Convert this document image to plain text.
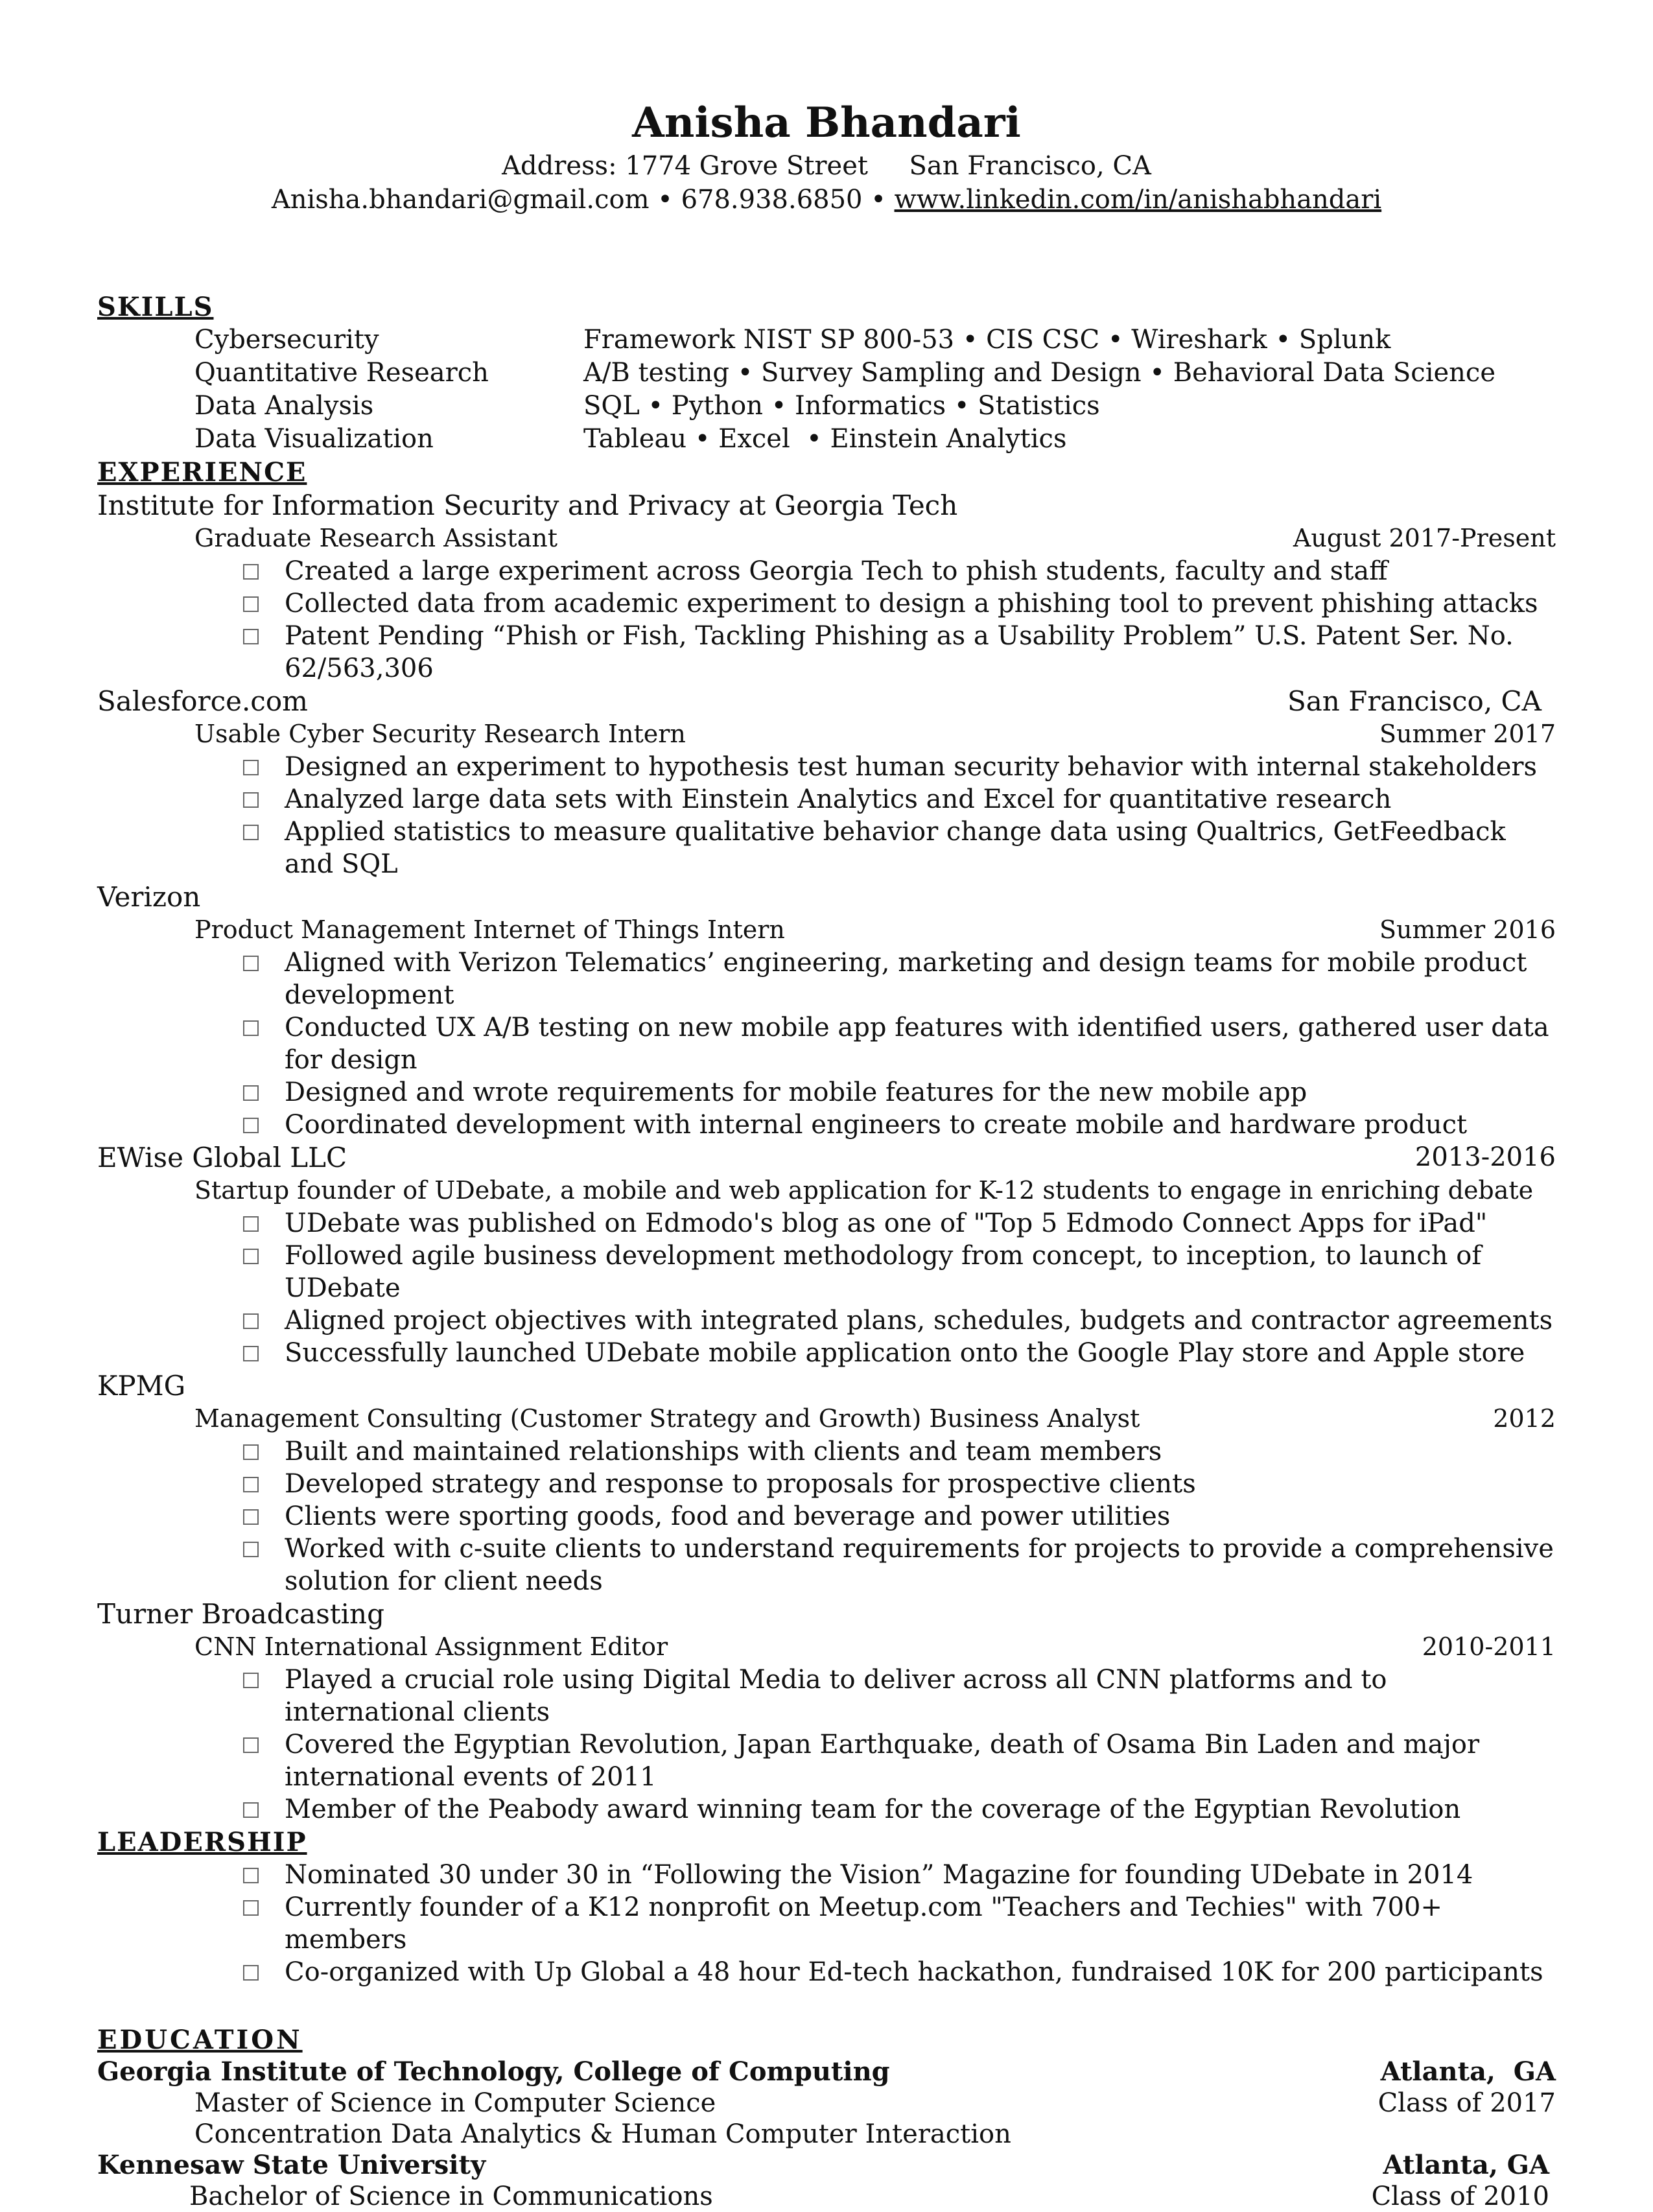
Anisha Bhandari
Address: 1774 Grove Street     San Francisco, CA
Anisha.bhandari@gmail.com • 678.938.6850 • www.linkedin.com/in/anishabhandari
SKILLS
Cybersecurity	Framework NIST SP 800-53 • CIS CSC • Wireshark • Splunk
Quantitative Research	A/B testing • Survey Sampling and Design • Behavioral Data Science
Data Analysis	SQL • Python • Informatics • Statistics
Data Visualization	Tableau • Excel  • Einstein Analytics
EXPERIENCE
Institute for Information Security and Privacy at Georgia Tech
Graduate Research Assistant	August 2017-Present
Created a large experiment across Georgia Tech to phish students, faculty and staff
Collected data from academic experiment to design a phishing tool to prevent phishing attacks
Patent Pending “Phish or Fish, Tackling Phishing as a Usability Problem” U.S. Patent Ser. No. 62/563,306
Salesforce.com	San Francisco, CA
Usable Cyber Security Research Intern	Summer 2017
Designed an experiment to hypothesis test human security behavior with internal stakeholders
Analyzed large data sets with Einstein Analytics and Excel for quantitative research
Applied statistics to measure qualitative behavior change data using Qualtrics, GetFeedback and SQL
Verizon
Product Management Internet of Things Intern	Summer 2016
Aligned with Verizon Telematics’ engineering, marketing and design teams for mobile product development
Conducted UX A/B testing on new mobile app features with identified users, gathered user data for design
Designed and wrote requirements for mobile features for the new mobile app
Coordinated development with internal engineers to create mobile and hardware product
EWise Global LLC	2013-2016
Startup founder of UDebate, a mobile and web application for K-12 students to engage in enriching debate
UDebate was published on Edmodo's blog as one of "Top 5 Edmodo Connect Apps for iPad"
Followed agile business development methodology from concept, to inception, to launch of UDebate
Aligned project objectives with integrated plans, schedules, budgets and contractor agreements
Successfully launched UDebate mobile application onto the Google Play store and Apple store
KPMG
Management Consulting (Customer Strategy and Growth) Business Analyst	2012
Built and maintained relationships with clients and team members
Developed strategy and response to proposals for prospective clients
Clients were sporting goods, food and beverage and power utilities
Worked with c-suite clients to understand requirements for projects to provide a comprehensive solution for client needs
Turner Broadcasting
CNN International Assignment Editor	2010-2011
Played a crucial role using Digital Media to deliver across all CNN platforms and to international clients
Covered the Egyptian Revolution, Japan Earthquake, death of Osama Bin Laden and major international events of 2011
Member of the Peabody award winning team for the coverage of the Egyptian Revolution
LEADERSHIP
Nominated 30 under 30 in “Following the Vision” Magazine for founding UDebate in 2014
Currently founder of a K12 nonprofit on Meetup.com "Teachers and Techies" with 700+ members
Co-organized with Up Global a 48 hour Ed-tech hackathon, fundraised 10K for 200 participants
EDUCATION
Georgia Institute of Technology, College of Computing	Atlanta,  GA
Master of Science in Computer Science	Class of 2017
Concentration Data Analytics & Human Computer Interaction
Kennesaw State University	Atlanta, GA
Bachelor of Science in Communications	Class of 2010
